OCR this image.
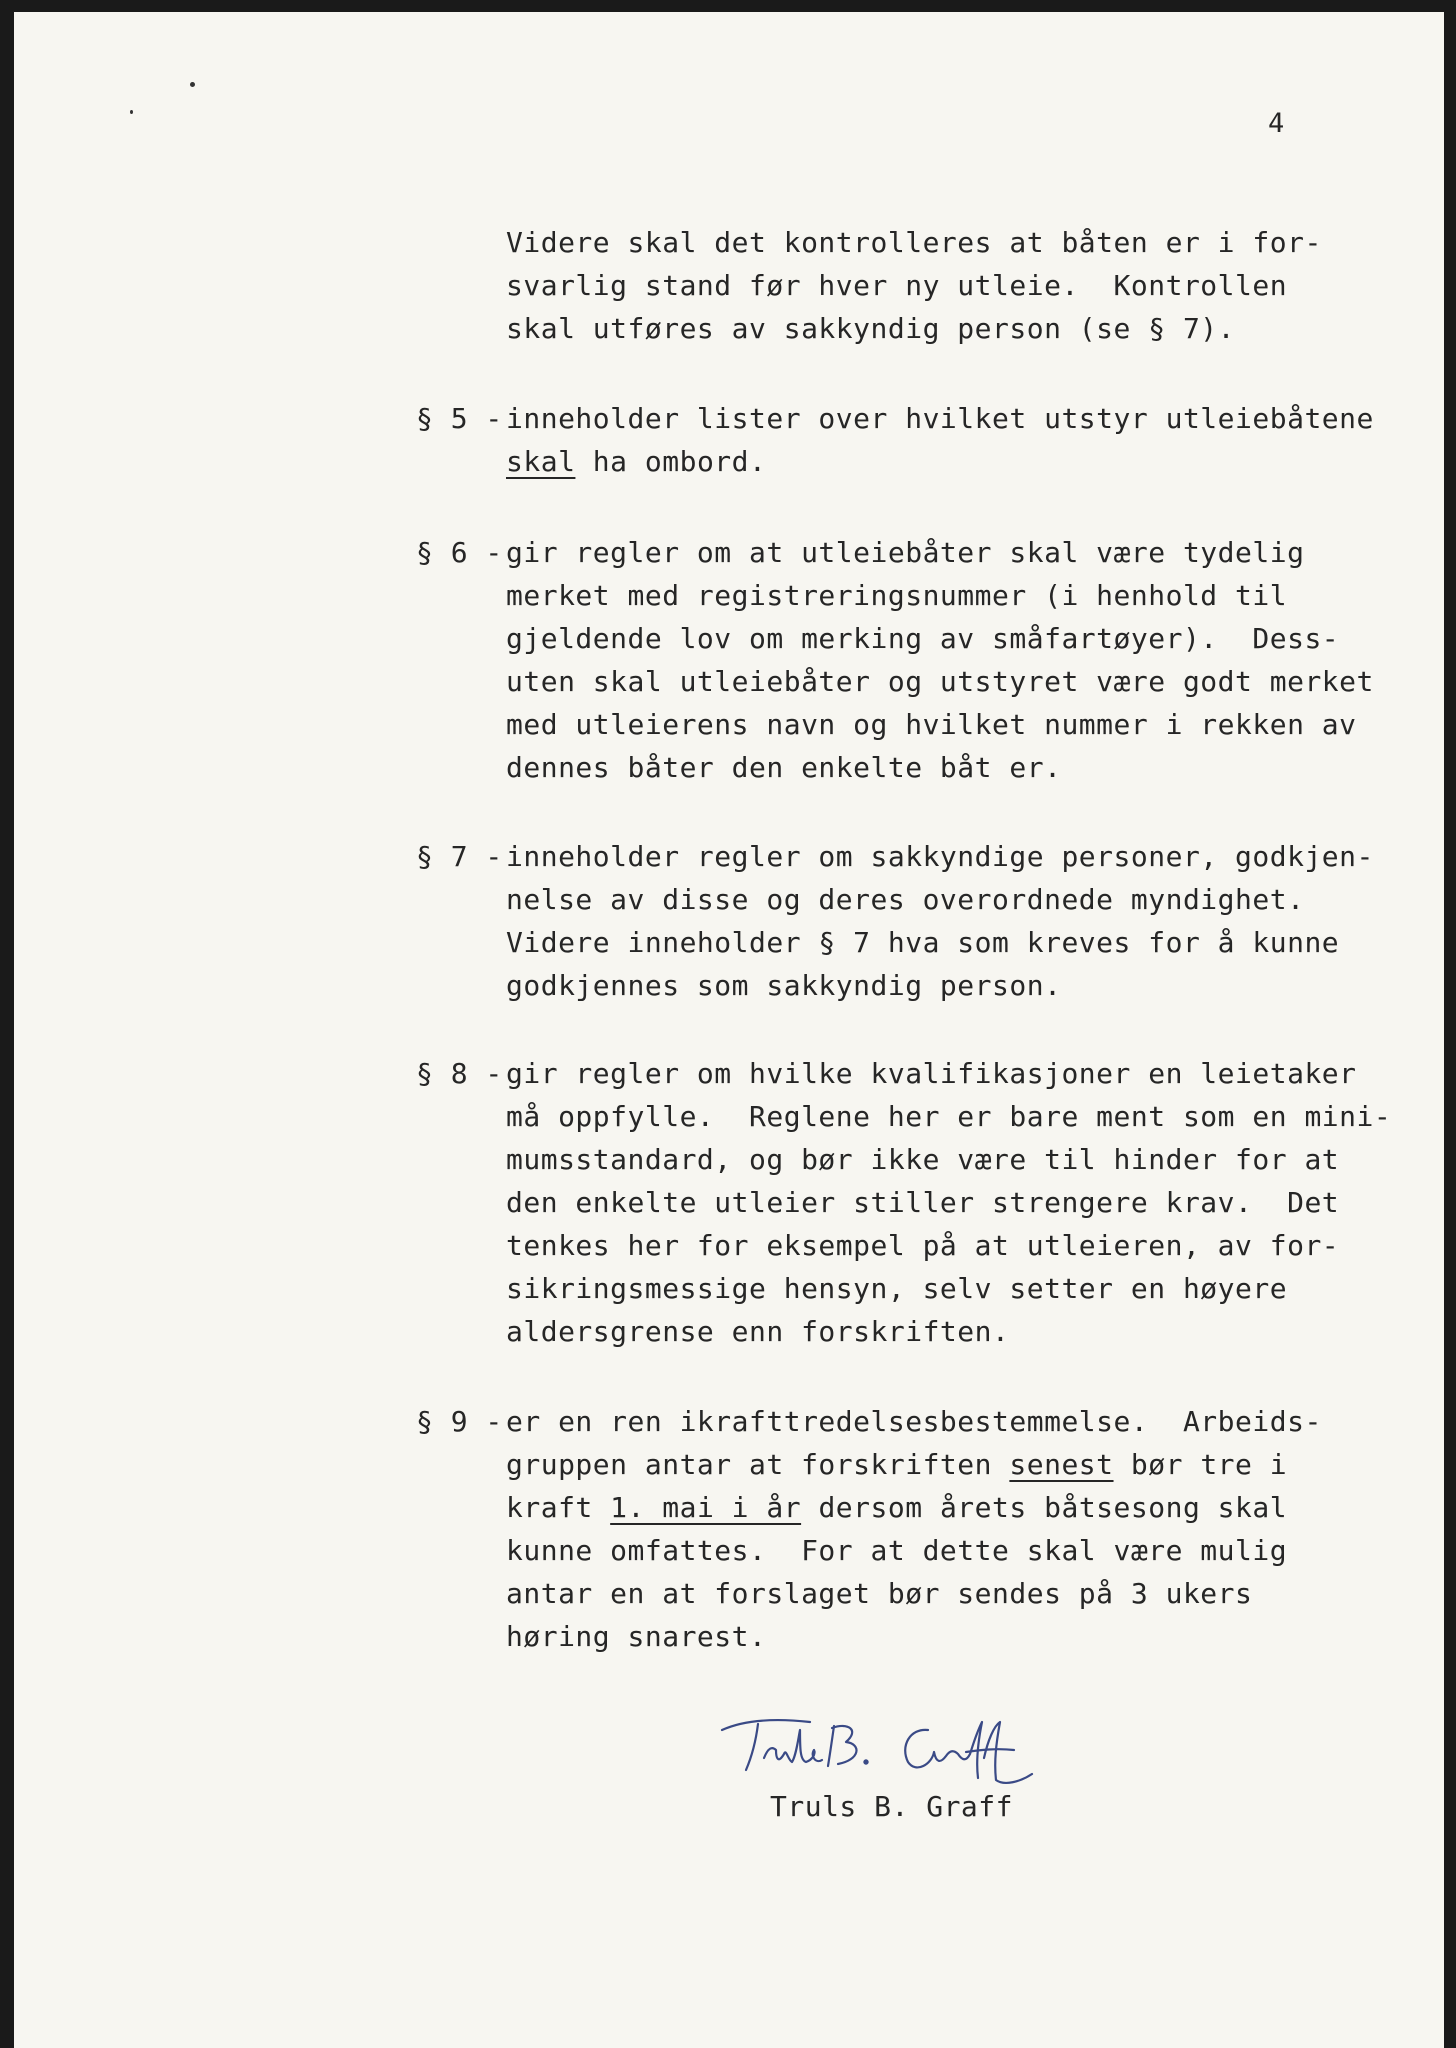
4
Videre skal det kontrolleres at båten er i for-
svarlig stand før hver ny utleie.  Kontrollen
skal utføres av sakkyndig person (se § 7).
§ 5 - inneholder lister over hvilket utstyr utleiebåtene
skal ha ombord.
§ 6 - gir regler om at utleiebåter skal være tydelig
merket med registreringsnummer (i henhold til
gjeldende lov om merking av småfartøyer).  Dess-
uten skal utleiebåter og utstyret være godt merket
med utleierens navn og hvilket nummer i rekken av
dennes båter den enkelte båt er.
§ 7 - inneholder regler om sakkyndige personer, godkjen-
nelse av disse og deres overordnede myndighet.
Videre inneholder § 7 hva som kreves for å kunne
godkjennes som sakkyndig person.
§ 8 - gir regler om hvilke kvalifikasjoner en leietaker
må oppfylle.  Reglene her er bare ment som en mini-
mumsstandard, og bør ikke være til hinder for at
den enkelte utleier stiller strengere krav.  Det
tenkes her for eksempel på at utleieren, av for-
sikringsmessige hensyn, selv setter en høyere
aldersgrense enn forskriften.
§ 9 - er en ren ikrafttredelsesbestemmelse.  Arbeids-
gruppen antar at forskriften senest bør tre i
kraft 1. mai i år dersom årets båtsesong skal
kunne omfattes.  For at dette skal være mulig
antar en at forslaget bør sendes på 3 ukers
høring snarest.
Truls B. Graff
